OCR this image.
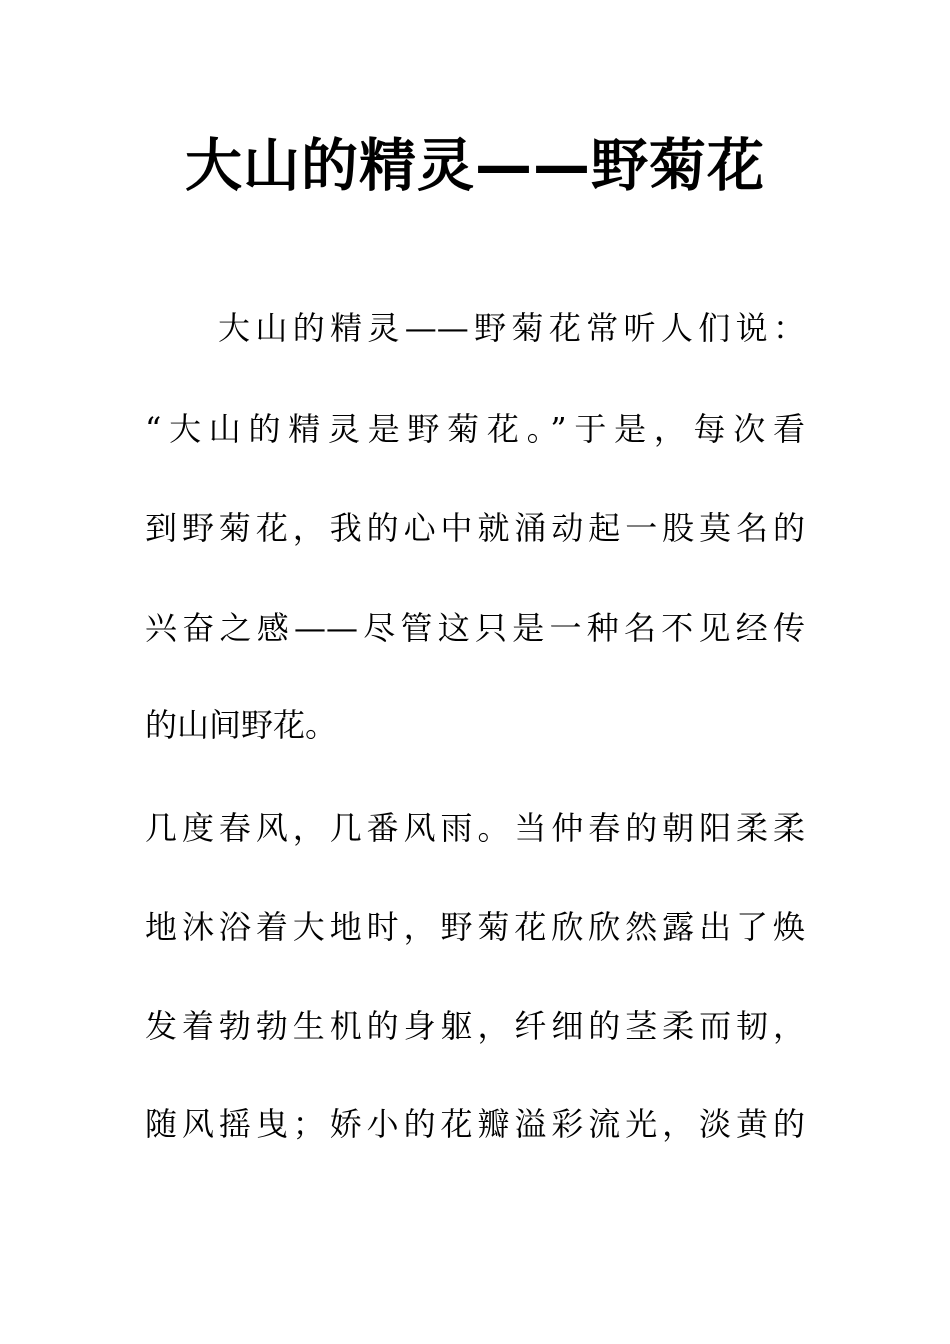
大山的精灵——野菊花
大山的精灵——野菊花常听人们说：
“大山的精灵是野菊花。”于是，每次看
到野菊花，我的心中就涌动起一股莫名的
兴奋之感——尽管这只是一种名不见经传
的山间野花。
几度春风，几番风雨。当仲春的朝阳柔柔
地沐浴着大地时，野菊花欣欣然露出了焕
发着勃勃生机的身躯，纤细的茎柔而韧，
随风摇曳；娇小的花瓣溢彩流光，淡黄的
